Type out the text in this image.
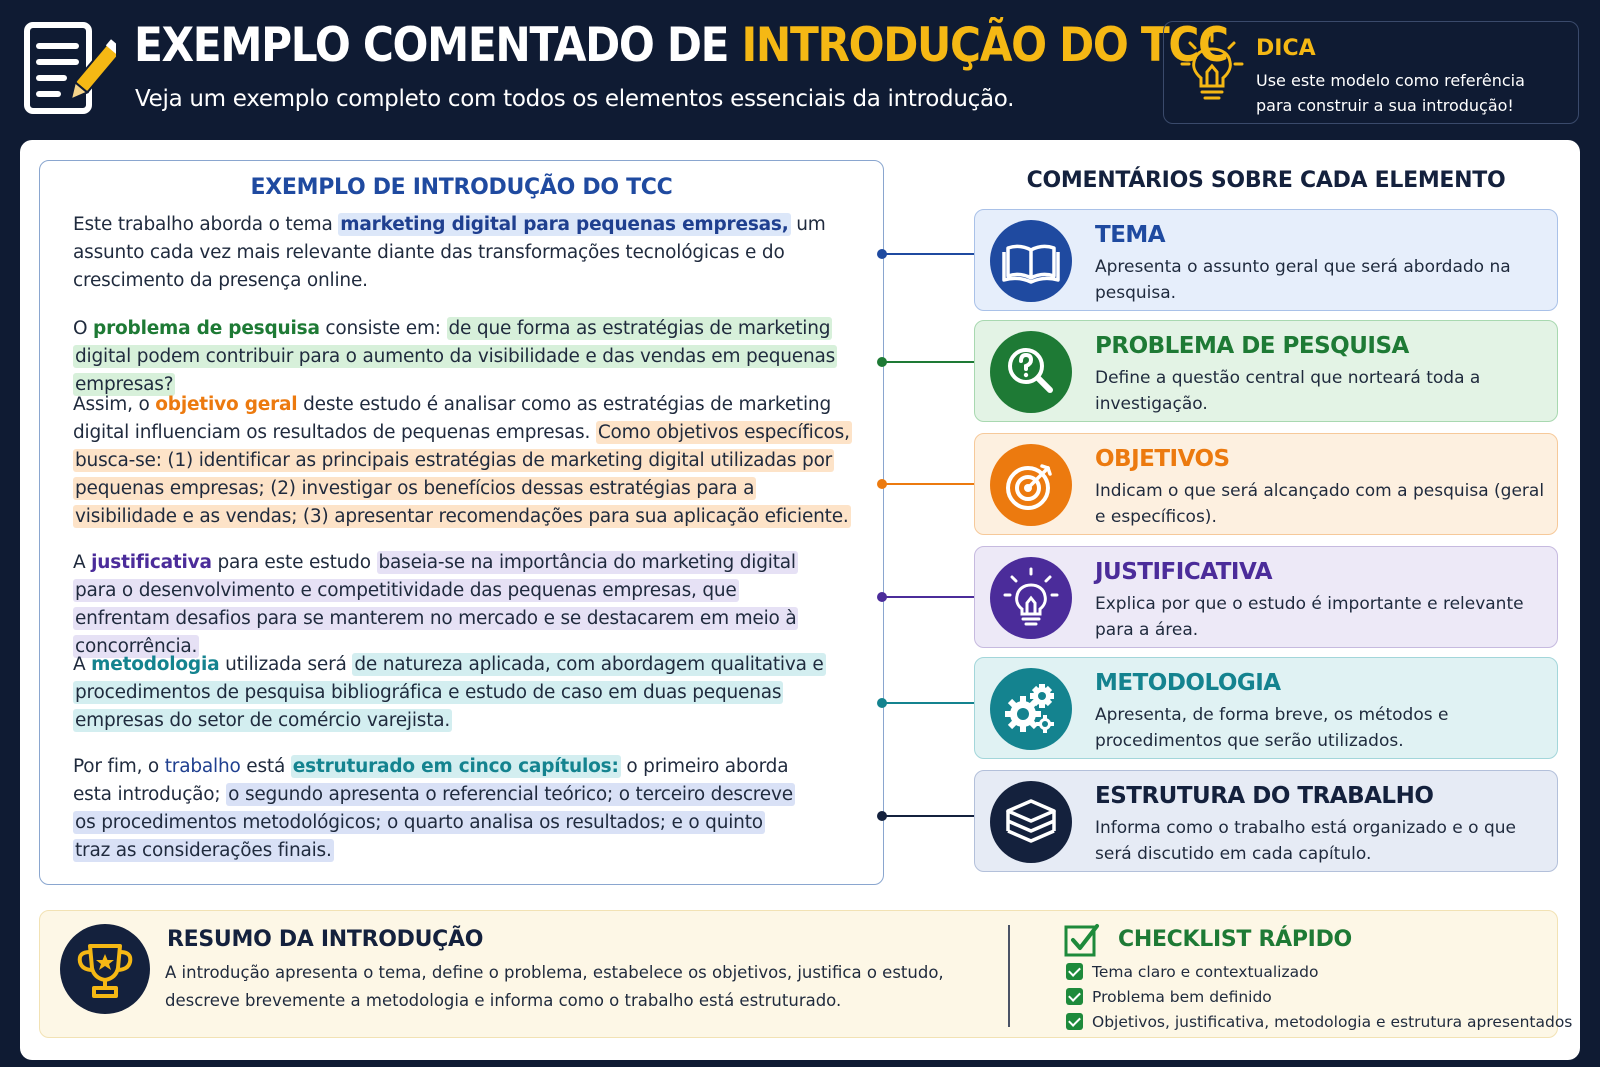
EXEMPLO COMENTADO DE INTRODUÇÃO DO TCC
Veja um exemplo completo com todos os elementos essenciais da introdução.
DICA
Use este modelo como referência para construir a sua introdução!
EXEMPLO DE INTRODUÇÃO DO TCC
Este trabalho aborda o tema marketing digital para pequenas empresas, um assunto cada vez mais relevante diante das transformações tecnológicas e do crescimento da presença online.
O problema de pesquisa consiste em: de que forma as estratégias de marketing digital podem contribuir para o aumento da visibilidade e das vendas em pequenas empresas?
Assim, o objetivo geral deste estudo é analisar como as estratégias de marketing digital influenciam os resultados de pequenas empresas. Como objetivos específicos, busca-se: (1) identificar as principais estratégias de marketing digital utilizadas por pequenas empresas; (2) investigar os benefícios dessas estratégias para a visibilidade e as vendas; (3) apresentar recomendações para sua aplicação eficiente.
A justificativa para este estudo baseia-se na importância do marketing digital para o desenvolvimento e competitividade das pequenas empresas, que enfrentam desafios para se manterem no mercado e se destacarem em meio à concorrência.
A metodologia utilizada será de natureza aplicada, com abordagem qualitativa e procedimentos de pesquisa bibliográfica e estudo de caso em duas pequenas empresas do setor de comércio varejista.
Por fim, o trabalho está estruturado em cinco capítulos: o primeiro aborda esta introdução; o segundo apresenta o referencial teórico; o terceiro descreve os procedimentos metodológicos; o quarto analisa os resultados; e o quinto traz as considerações finais.
COMENTÁRIOS SOBRE CADA ELEMENTO
TEMA
Apresenta o assunto geral que será abordado na pesquisa.
PROBLEMA DE PESQUISA
Define a questão central que norteará toda a investigação.
OBJETIVOS
Indicam o que será alcançado com a pesquisa (geral e específicos).
JUSTIFICATIVA
Explica por que o estudo é importante e relevante para a área.
METODOLOGIA
Apresenta, de forma breve, os métodos e procedimentos que serão utilizados.
ESTRUTURA DO TRABALHO
Informa como o trabalho está organizado e o que será discutido em cada capítulo.
RESUMO DA INTRODUÇÃO
A introdução apresenta o tema, define o problema, estabelece os objetivos, justifica o estudo, descreve brevemente a metodologia e informa como o trabalho está estruturado.
CHECKLIST RÁPIDO
Tema claro e contextualizado
Problema bem definido
Objetivos, justificativa, metodologia e estrutura apresentados
